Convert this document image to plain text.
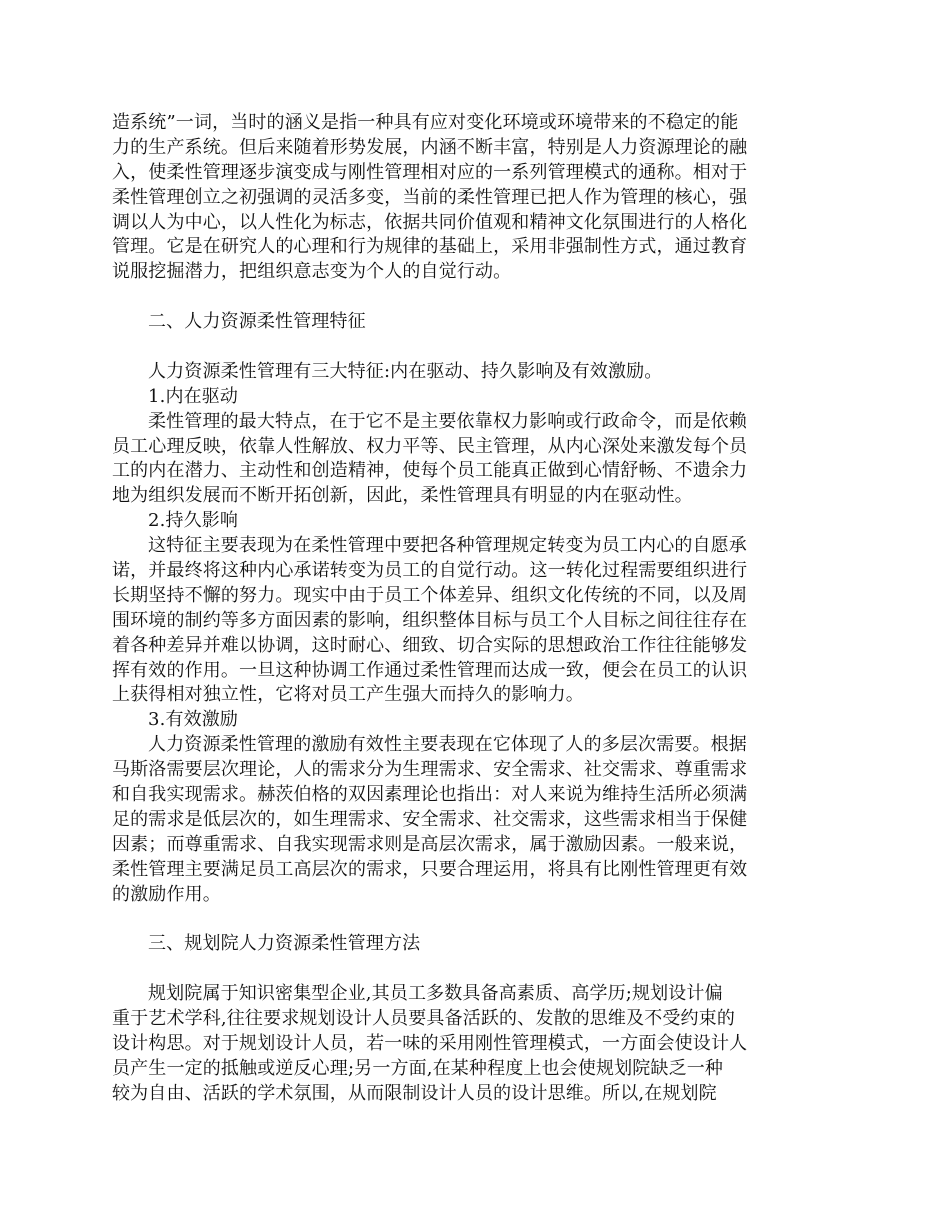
造系统”一词，当时的涵义是指一种具有应对变化环境或环境带来的不稳定的能
力的生产系统。但后来随着形势发展，内涵不断丰富，特别是人力资源理论的融
入，使柔性管理逐步演变成与刚性管理相对应的一系列管理模式的通称。相对于
柔性管理创立之初强调的灵活多变，当前的柔性管理已把人作为管理的核心，强
调以人为中心，以人性化为标志，依据共同价值观和精神文化氛围进行的人格化
管理。它是在研究人的心理和行为规律的基础上，采用非强制性方式，通过教育
说服挖掘潜力，把组织意志变为个人的自觉行动。
二、人力资源柔性管理特征
人力资源柔性管理有三大特征:内在驱动、持久影响及有效激励。
1.内在驱动
柔性管理的最大特点，在于它不是主要依靠权力影响或行政命令，而是依赖
员工心理反映，依靠人性解放、权力平等、民主管理，从内心深处来激发每个员
工的内在潜力、主动性和创造精神，使每个员工能真正做到心情舒畅、不遗余力
地为组织发展而不断开拓创新，因此，柔性管理具有明显的内在驱动性。
2.持久影响
这特征主要表现为在柔性管理中要把各种管理规定转变为员工内心的自愿承
诺，并最终将这种内心承诺转变为员工的自觉行动。这一转化过程需要组织进行
长期坚持不懈的努力。现实中由于员工个体差异、组织文化传统的不同，以及周
围环境的制约等多方面因素的影响，组织整体目标与员工个人目标之间往往存在
着各种差异并难以协调，这时耐心、细致、切合实际的思想政治工作往往能够发
挥有效的作用。一旦这种协调工作通过柔性管理而达成一致，便会在员工的认识
上获得相对独立性，它将对员工产生强大而持久的影响力。
3.有效激励
人力资源柔性管理的激励有效性主要表现在它体现了人的多层次需要。根据
马斯洛需要层次理论，人的需求分为生理需求、安全需求、社交需求、尊重需求
和自我实现需求。赫茨伯格的双因素理论也指出：对人来说为维持生活所必须满
足的需求是低层次的，如生理需求、安全需求、社交需求，这些需求相当于保健
因素；而尊重需求、自我实现需求则是高层次需求，属于激励因素。一般来说，
柔性管理主要满足员工高层次的需求，只要合理运用，将具有比刚性管理更有效
的激励作用。
三、规划院人力资源柔性管理方法
规划院属于知识密集型企业,其员工多数具备高素质、高学历;规划设计偏
重于艺术学科,往往要求规划设计人员要具备活跃的、发散的思维及不受约束的
设计构思。对于规划设计人员，若一味的采用刚性管理模式，一方面会使设计人
员产生一定的抵触或逆反心理;另一方面,在某种程度上也会使规划院缺乏一种
较为自由、活跃的学术氛围，从而限制设计人员的设计思维。所以,在规划院
